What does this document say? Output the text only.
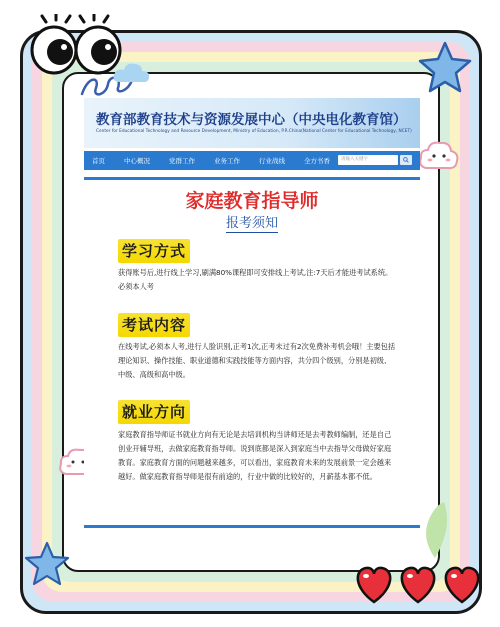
教育部教育技术与资源发展中心（中央电化教育馆）
Center for Educational Technology and Resource Development, Ministry of Education, P.R.China(National Center for Educational Technology, NCET)
首页	中心概况	党群工作	业务工作	行业战线	全方书香	请输入关键字
家庭教育指导师
报考须知
学习方式
获得账号后,进行线上学习,刷满80%课程即可安排线上考试,注:7天后才能进考试系统。必须本人考
考试内容
在线考试,必须本人考,进行人脸识别,正考1次,正考未过有2次免费补考机会哦！主要包括理论知识、操作技能、职业道德和实践技能等方面内容，共分四个级别，分别是初级、中级、高级和高中级。
就业方向
家庭教育指导师证书就业方向有无论是去培训机构当讲师还是去考教师编制，还是自己创业开辅导班，去做家庭教育指导师。说到底都是深入到家庭当中去指导父母做好家庭教育。家庭教育方面的问题越来越多，可以看出，家庭教育未来的发展前景一定会越来越好。做家庭教育指导师是很有前途的，行业中做的比较好的，月薪基本都不低。
